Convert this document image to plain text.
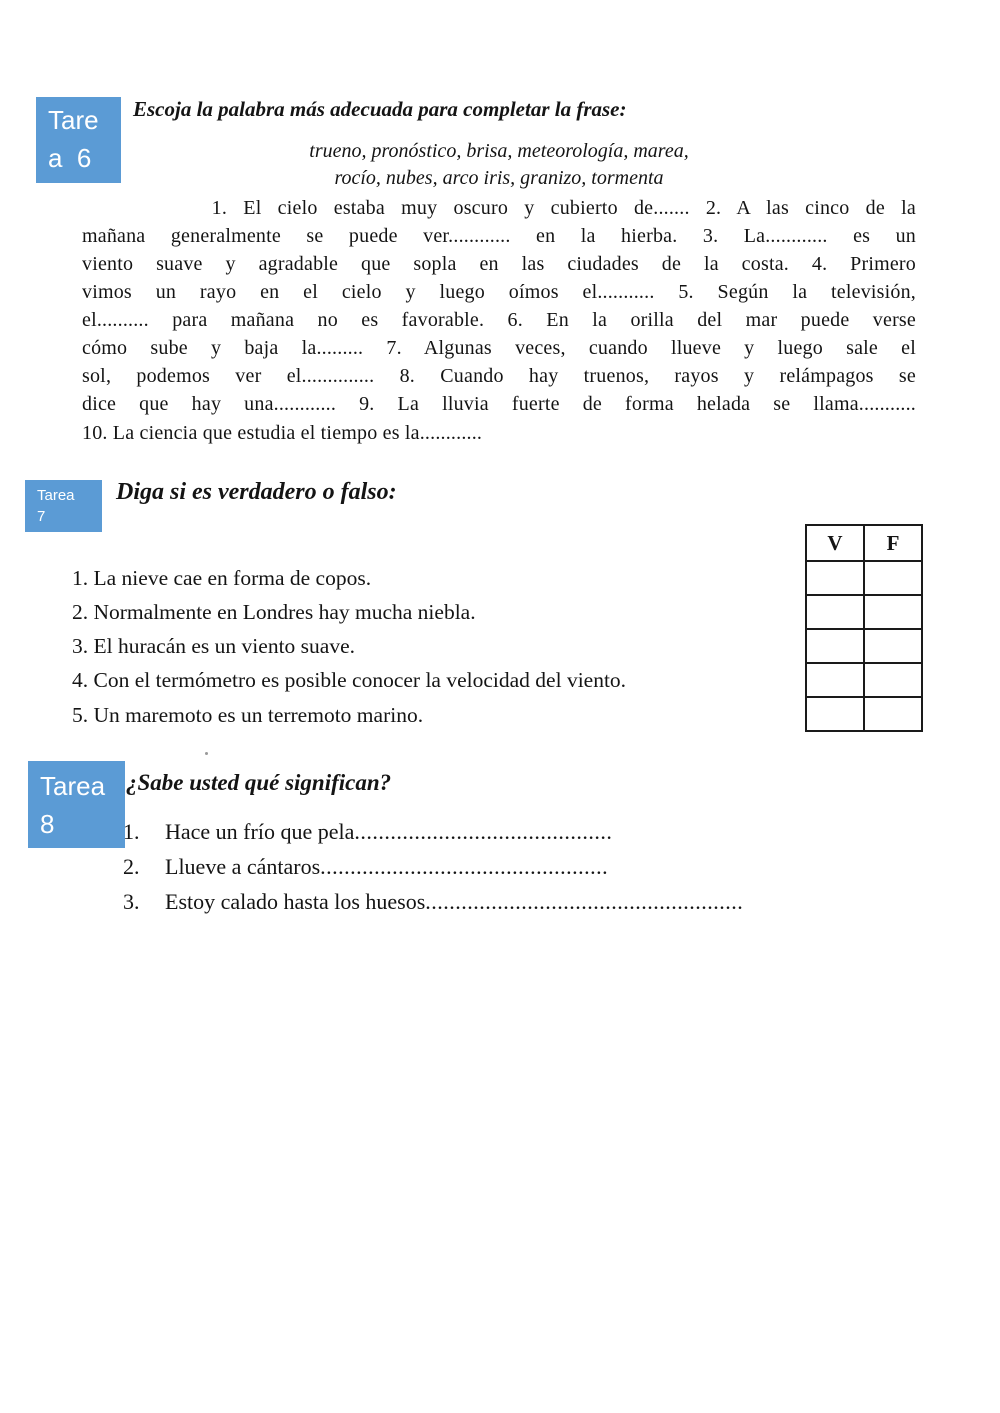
Tare
a  6
Escoja la palabra más adecuada para completar la frase:
trueno, pronóstico, brisa, meteorología, marea,
rocío, nubes, arco iris, granizo, tormenta
1. El cielo estaba muy oscuro y cubierto de....... 2. A las cinco de la
mañana generalmente se puede ver............ en la hierba. 3. La............ es un
viento suave y agradable que sopla en las ciudades de la costa. 4. Primero
vimos un rayo en el cielo y luego oímos el........... 5. Según la televisión,
el.......... para mañana no es favorable. 6. En la orilla del mar puede verse
cómo sube y baja la......... 7. Algunas veces, cuando llueve y luego sale el
sol, podemos ver el.............. 8. Cuando hay truenos, rayos y relámpagos se
dice que hay una............ 9. La lluvia fuerte de forma helada se llama...........
10. La ciencia que estudia el tiempo es la............
Tarea
7
Diga si es verdadero o falso:
1. La nieve cae en forma de copos.
2. Normalmente en Londres hay mucha niebla.
3. El huracán es un viento suave.
4. Con el termómetro es posible conocer la velocidad del viento.
5. Un maremoto es un terremoto marino.
V	F

Tarea
8
¿Sabe usted qué significan?
1. Hace un frío que pela...........................................
2. Llueve a cántaros................................................
3. Estoy calado hasta los huesos.....................................................
